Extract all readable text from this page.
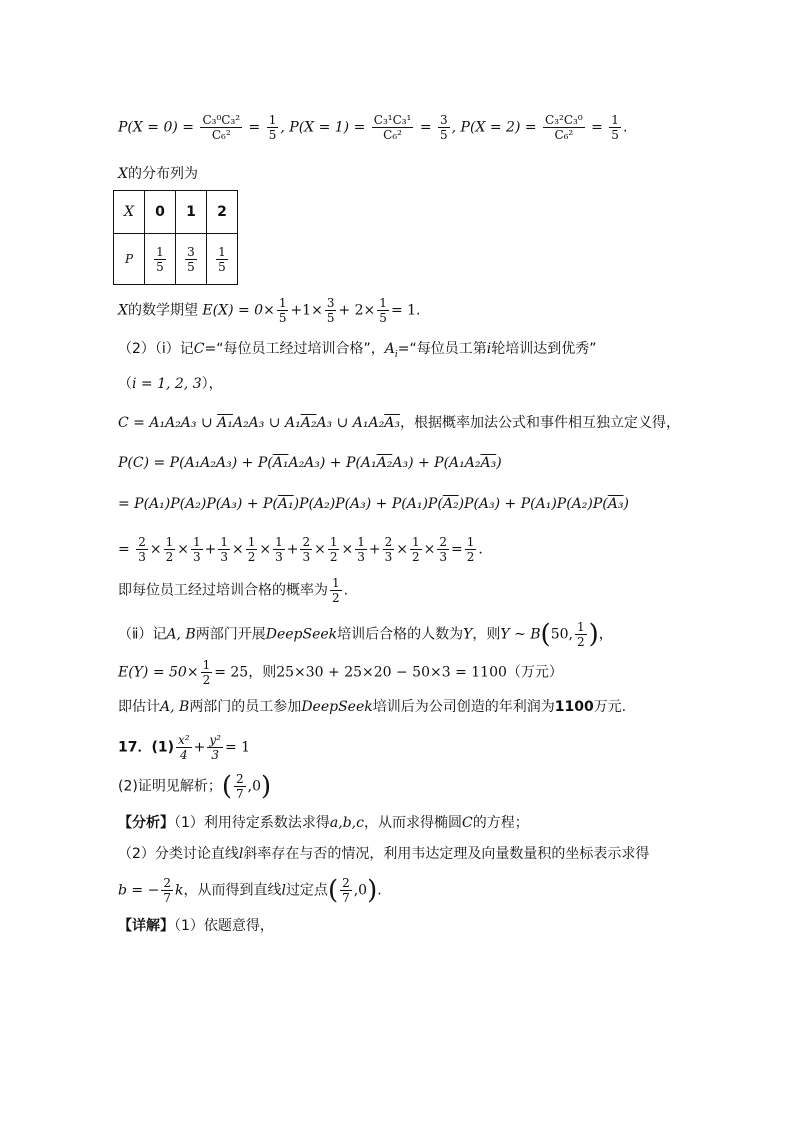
$P(X = 0) = \frac{\text{C₃⁰C₃²}}{\text{C₆²}} = \frac{1}{5}$ , $P(X = 1) = \frac{\text{C₃¹C₃¹}}{\text{C₆²}} = \frac{3}{5}$ , $P(X = 2) = \frac{\text{C₃²C₃⁰}}{\text{C₆²}} = \frac{1}{5}$ .
X的分布列为
X	0	1	2
P	$\frac{1}{5}$	$\frac{3}{5}$	$\frac{1}{5}$
X的数学期望 $E(X) = 0\times \frac{1}{5} +1\times \frac{3}{5} + 2\times \frac{1}{5} = 1$.
（2）（ⅰ）记C=“每位员工经过培训合格”，$A_i=“$每位员工第i轮培训达到优秀”
（i = 1, 2, 3），
C = A₁A₂A₃ ∪ A₁A₂A₃ ∪ A₁A₂A₃ ∪ A₁A₂A₃，根据概率加法公式和事件相互独立定义得，
P(C) = P(A₁A₂A₃) + P(A₁A₂A₃) + P(A₁A₂A₃) + P(A₁A₂A₃)
= P(A₁)P(A₂)P(A₃) + P(A₁)P(A₂)P(A₃) + P(A₁)P(A₂)P(A₃) + P(A₁)P(A₂)P(A₃)
= $\frac{2}{3} \times \frac{1}{2} \times \frac{1}{3} + \frac{1}{3} \times \frac{1}{2} \times \frac{1}{3} + \frac{2}{3} \times \frac{1}{2} \times \frac{1}{3} + \frac{2}{3} \times \frac{1}{2} \times \frac{2}{3} = \frac{1}{2}$ .
即每位员工经过培训合格的概率为 $\frac{1}{2}$ .
（ⅱ）记A, B两部门开展DeepSeek培训后合格的人数为Y，则Y ~ B(50, $\frac{1}{2}$ )，
$E(Y) = 50\times \frac{1}{2} = 25$，则25×30 + 25×20 − 50×3 = 1100（万元）
即估计A, B两部门的员工参加DeepSeek培训后为公司创造的年利润为1100万元.
17．$(1) \frac{\text{x²}}{4} + \frac{\text{y²}}{3} = 1$
(2)证明见解析；( $\frac{2}{7} ,0$)
【分析】（1）利用待定系数法求得a,b,c，从而求得椭圆C的方程；
（2）分类讨论直线l斜率存在与否的情况，利用韦达定理及向量数量积的坐标表示求得
b = − $\frac{2}{7}$ k，从而得到直线l过定点( $\frac{2}{7} ,0$).
【详解】（1）依题意得，
